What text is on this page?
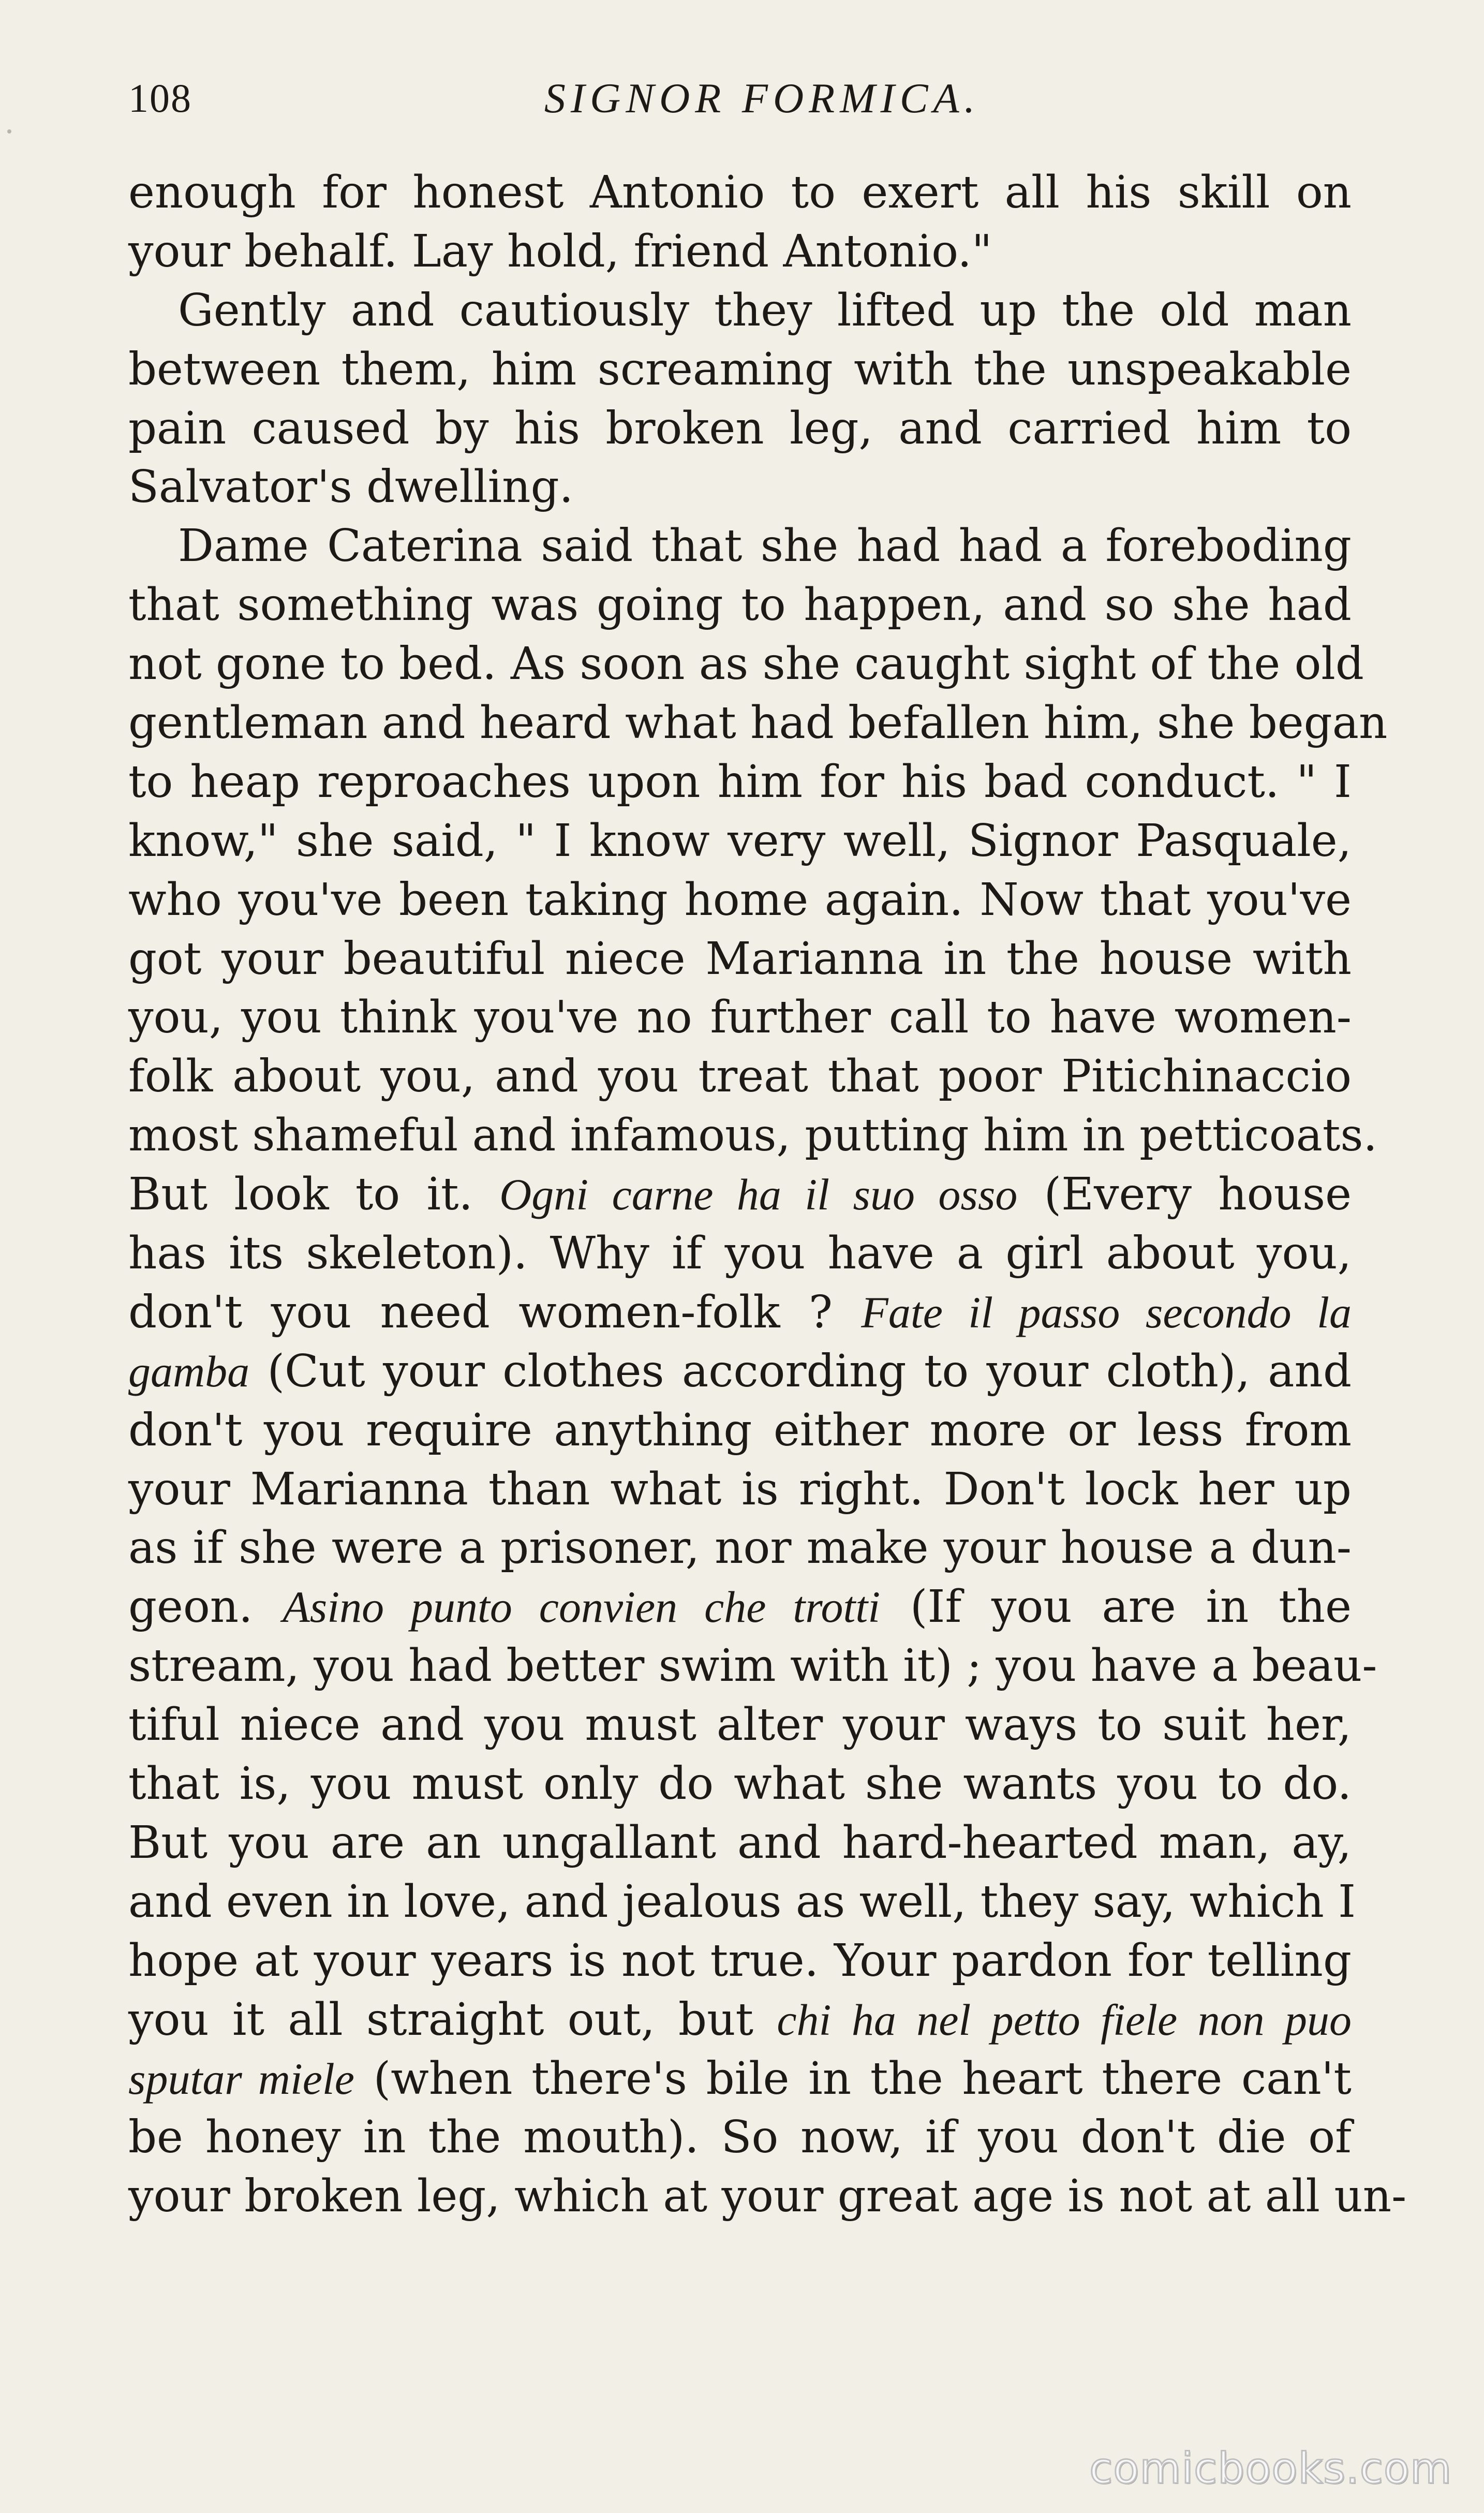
108	SIGNOR FORMICA.
enough for honest Antonio to exert all his skill on
your behalf. Lay hold, friend Antonio."
Gently and cautiously they lifted up the old man
between them, him screaming with the unspeakable
pain caused by his broken leg, and carried him to
Salvator's dwelling.
Dame Caterina said that she had had a foreboding
that something was going to happen, and so she had
not gone to bed. As soon as she caught sight of the old
gentleman and heard what had befallen him, she began
to heap reproaches upon him for his bad conduct. " I
know," she said, " I know very well, Signor Pasquale,
who you've been taking home again. Now that you've
got your beautiful niece Marianna in the house with
you, you think you've no further call to have women-
folk about you, and you treat that poor Pitichinaccio
most shameful and infamous, putting him in petticoats.
But look to it. Ogni carne ha il suo osso (Every house
has its skeleton). Why if you have a girl about you,
don't you need women-folk ? Fate il passo secondo la
gamba (Cut your clothes according to your cloth), and
don't you require anything either more or less from
your Marianna than what is right. Don't lock her up
as if she were a prisoner, nor make your house a dun-
geon. Asino punto convien che trotti (If you are in the
stream, you had better swim with it) ; you have a beau-
tiful niece and you must alter your ways to suit her,
that is, you must only do what she wants you to do.
But you are an ungallant and hard-hearted man, ay,
and even in love, and jealous as well, they say, which I
hope at your years is not true. Your pardon for telling
you it all straight out, but chi ha nel petto fiele non puo
sputar miele (when there's bile in the heart there can't
be honey in the mouth). So now, if you don't die of
your broken leg, which at your great age is not at all un-
comicbooks.com
